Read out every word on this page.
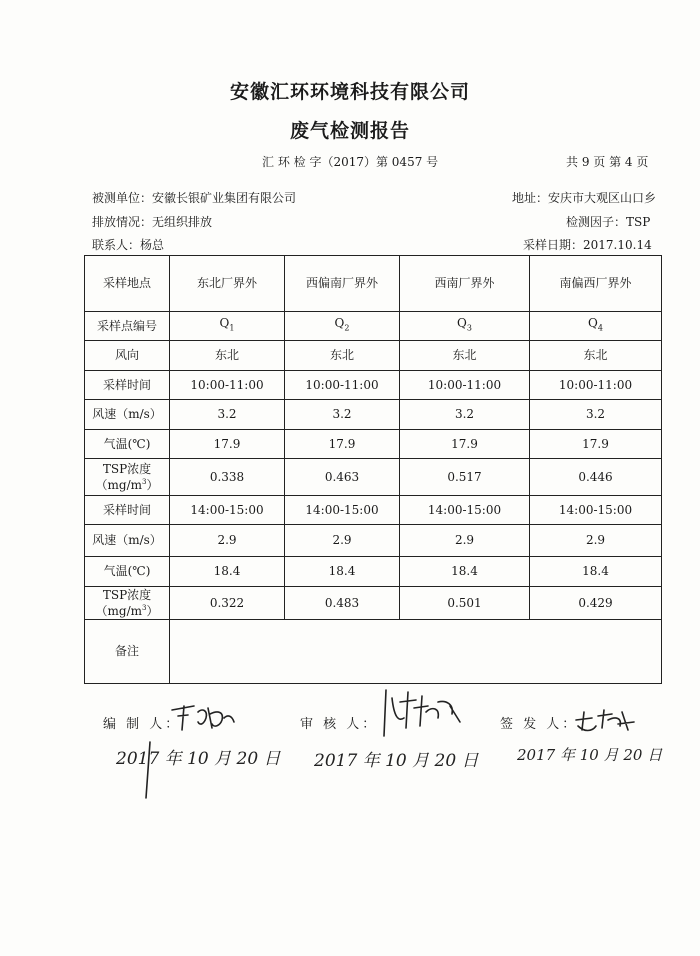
安徽汇环环境科技有限公司
废气检测报告
汇 环 检 字（2017）第 0457 号	共 9 页 第 4 页
被测单位：安徽长银矿业集团有限公司	地址：安庆市大观区山口乡
排放情况：无组织排放	检测因子：TSP
联系人：杨总	采样日期：2017.10.14
采样地点	东北厂界外	西偏南厂界外	西南厂界外	南偏西厂界外
采样点编号	$Q_1$	$Q_2$	$Q_3$	$Q_4$
风向	东北	东北	东北	东北
采样时间	10:00-11:00	10:00-11:00	10:00-11:00	10:00-11:00
风速（m/s）	3.2	3.2	3.2	3.2
气温(℃)	17.9	17.9	17.9	17.9
TSP浓度
$(mg/m^3)$	0.338	0.463	0.517	0.446
采样时间	14:00-15:00	14:00-15:00	14:00-15:00	14:00-15:00
风速（m/s）	2.9	2.9	2.9	2.9
气温(℃)	18.4	18.4	18.4	18.4
TSP浓度
$(mg/m^3)$	0.322	0.483	0.501	0.429
备注				
编 制 人：	审 核 人：	签 发 人：
2017 年 10 月 20 日 2017 年 10 月 20 日	2017 年 10 月 20 日
